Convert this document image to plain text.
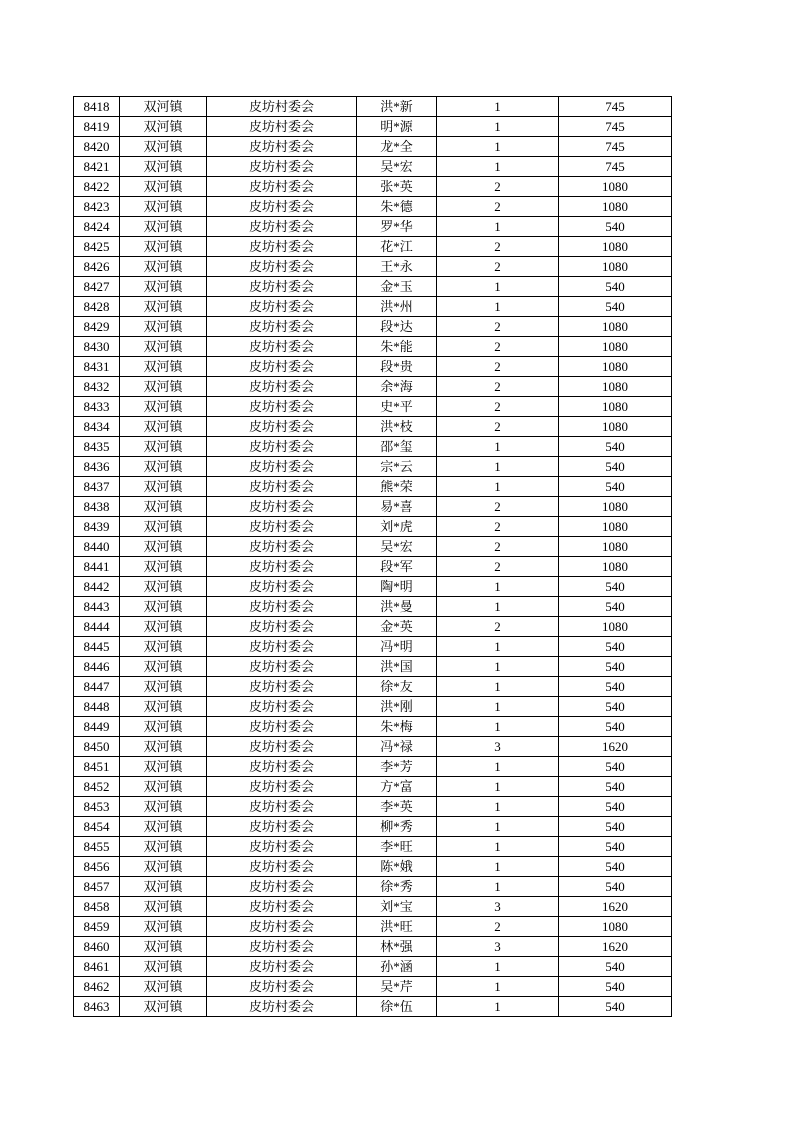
8418	双河镇	皮坊村委会	洪*新	1	745
8419	双河镇	皮坊村委会	明*源	1	745
8420	双河镇	皮坊村委会	龙*全	1	745
8421	双河镇	皮坊村委会	吴*宏	1	745
8422	双河镇	皮坊村委会	张*英	2	1080
8423	双河镇	皮坊村委会	朱*德	2	1080
8424	双河镇	皮坊村委会	罗*华	1	540
8425	双河镇	皮坊村委会	花*江	2	1080
8426	双河镇	皮坊村委会	王*永	2	1080
8427	双河镇	皮坊村委会	金*玉	1	540
8428	双河镇	皮坊村委会	洪*州	1	540
8429	双河镇	皮坊村委会	段*达	2	1080
8430	双河镇	皮坊村委会	朱*能	2	1080
8431	双河镇	皮坊村委会	段*贵	2	1080
8432	双河镇	皮坊村委会	余*海	2	1080
8433	双河镇	皮坊村委会	史*平	2	1080
8434	双河镇	皮坊村委会	洪*枝	2	1080
8435	双河镇	皮坊村委会	邵*玺	1	540
8436	双河镇	皮坊村委会	宗*云	1	540
8437	双河镇	皮坊村委会	熊*荣	1	540
8438	双河镇	皮坊村委会	易*喜	2	1080
8439	双河镇	皮坊村委会	刘*虎	2	1080
8440	双河镇	皮坊村委会	吴*宏	2	1080
8441	双河镇	皮坊村委会	段*军	2	1080
8442	双河镇	皮坊村委会	陶*明	1	540
8443	双河镇	皮坊村委会	洪*曼	1	540
8444	双河镇	皮坊村委会	金*英	2	1080
8445	双河镇	皮坊村委会	冯*明	1	540
8446	双河镇	皮坊村委会	洪*国	1	540
8447	双河镇	皮坊村委会	徐*友	1	540
8448	双河镇	皮坊村委会	洪*刚	1	540
8449	双河镇	皮坊村委会	朱*梅	1	540
8450	双河镇	皮坊村委会	冯*禄	3	1620
8451	双河镇	皮坊村委会	李*芳	1	540
8452	双河镇	皮坊村委会	方*富	1	540
8453	双河镇	皮坊村委会	李*英	1	540
8454	双河镇	皮坊村委会	柳*秀	1	540
8455	双河镇	皮坊村委会	李*旺	1	540
8456	双河镇	皮坊村委会	陈*娥	1	540
8457	双河镇	皮坊村委会	徐*秀	1	540
8458	双河镇	皮坊村委会	刘*宝	3	1620
8459	双河镇	皮坊村委会	洪*旺	2	1080
8460	双河镇	皮坊村委会	林*强	3	1620
8461	双河镇	皮坊村委会	孙*涵	1	540
8462	双河镇	皮坊村委会	吴*芹	1	540
8463	双河镇	皮坊村委会	徐*伍	1	540
